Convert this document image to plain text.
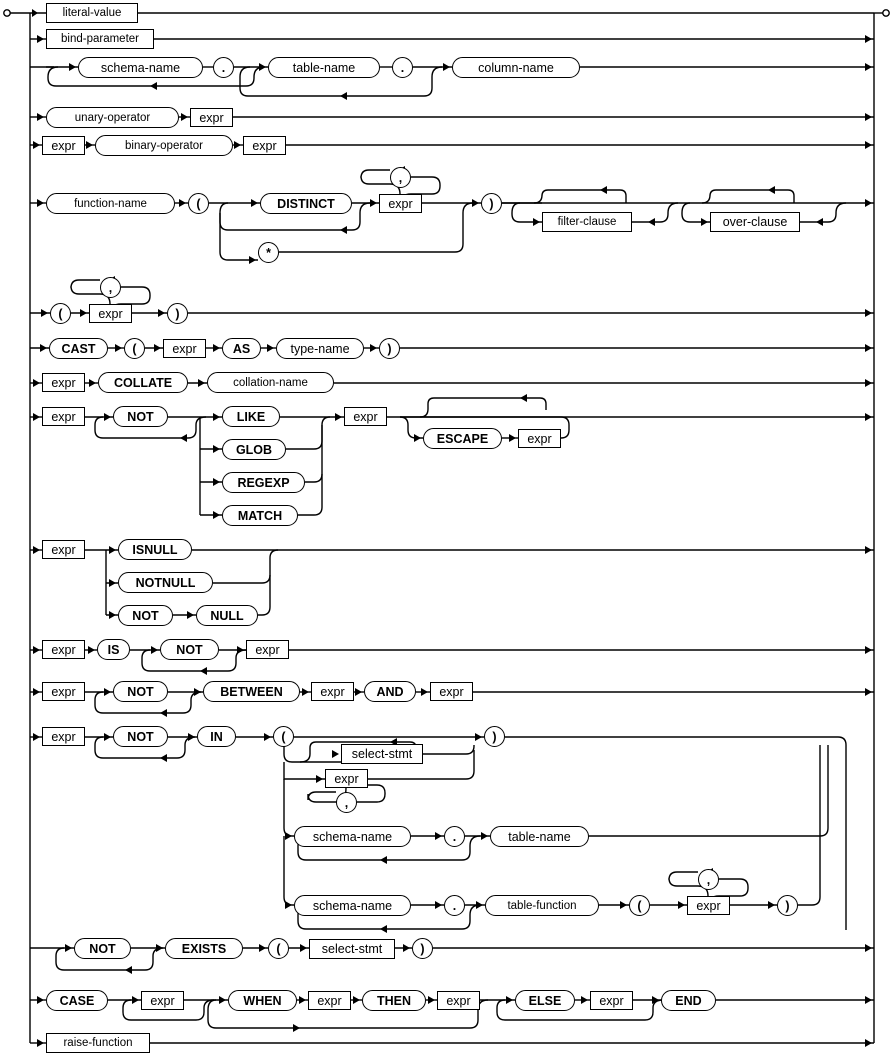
literal-value
bind-parameter
schema-name	.	table-name	.	column-name
unary-operator	expr
expr	binary-operator	expr
function-name	(	DISTINCT	expr
,
*
)
filter-clause	over-clause
(	expr
,
)
CAST	(	expr	AS	type-name	)
expr	COLLATE	collation-name
expr	NOT	LIKE
GLOB
REGEXP
MATCH
expr
ESCAPE	expr
expr	ISNULL
NOTNULL
NOT	NULL
expr	IS	NOT	expr
expr	NOT	BETWEEN	expr	AND	expr
expr	NOT	IN	(
select-stmt
expr
,
)
schema-name	.	table-name
schema-name	.	table-function	(	expr
,
)
NOT	EXISTS	(	select-stmt	)
CASE	expr	WHEN	expr	THEN	expr	ELSE	expr	END
raise-function
